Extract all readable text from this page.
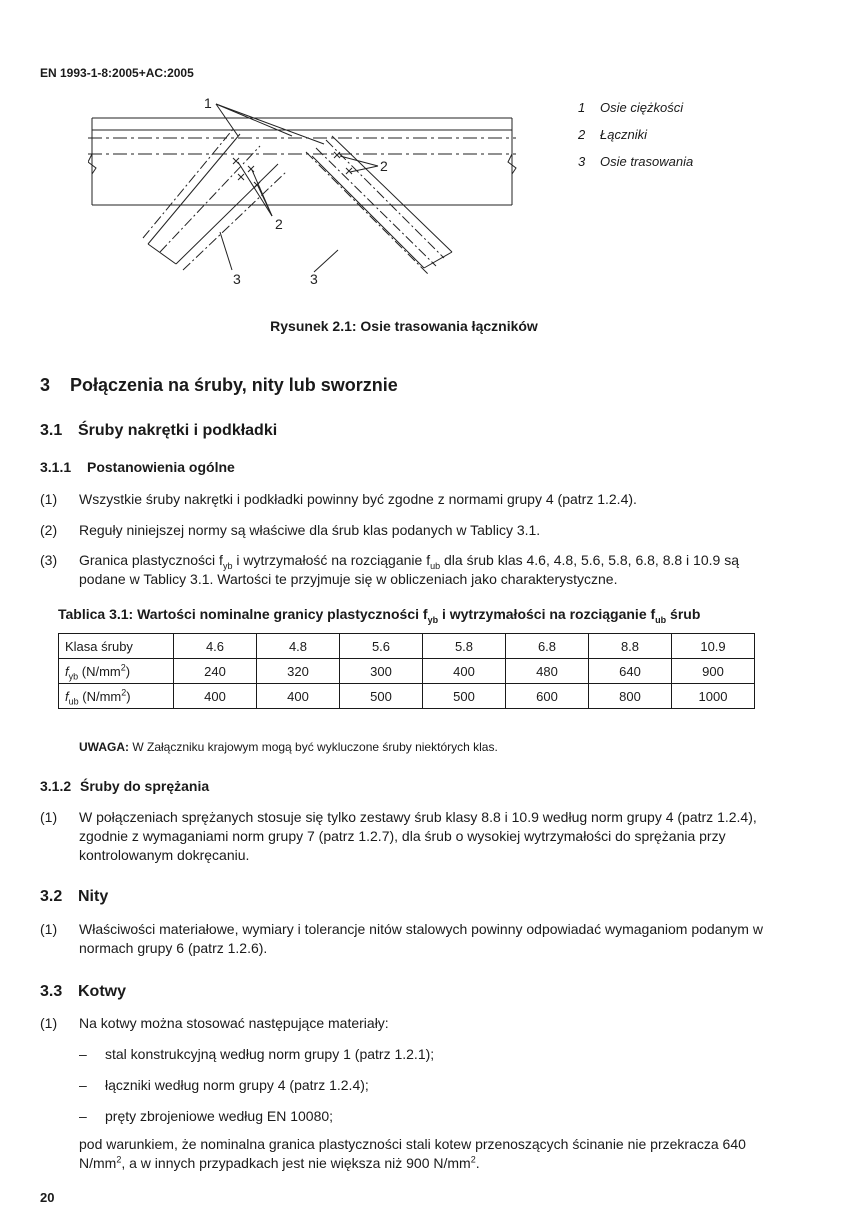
EN 1993-1-8:2005+AC:2005
1
2
2
3	3
1 Osie ciężkości
2 Łączniki
3 Osie trasowania
Rysunek 2.1: Osie trasowania łączników
3 Połączenia na śruby, nity lub sworznie
3.1 Śruby nakrętki i podkładki
3.1.1 Postanowienia ogólne
(1)	Wszystkie śruby nakrętki i podkładki powinny być zgodne z normami grupy 4 (patrz 1.2.4).
(2)	Reguły niniejszej normy są właściwe dla śrub klas podanych w Tablicy 3.1.
(3)	Granica plastyczności $f_{yb}$ i wytrzymałość na rozciąganie $f_{ub}$ dla śrub klas 4.6, 4.8, 5.6, 5.8, 6.8, 8.8 i 10.9 są podane w Tablicy 3.1. Wartości te przyjmuje się w obliczeniach jako charakterystyczne.
Tablica 3.1: Wartości nominalne granicy plastyczności $f_{yb}$ i wytrzymałości na rozciąganie $f_{ub}$ śrub
Klasa śruby	4.6	4.8	5.6	5.8	6.8	8.8	10.9
$f_{yb}$ $(N/mm^2)$	240	320	300	400	480	640	900
$f_{ub}$ $(N/mm^2)$	400	400	500	500	600	800	1000
UWAGA: W Załączniku krajowym mogą być wykluczone śruby niektórych klas.
3.1.2 Śruby do sprężania
(1)	W połączeniach sprężanych stosuje się tylko zestawy śrub klasy 8.8 i 10.9 według norm grupy 4 (patrz 1.2.4), zgodnie z wymaganiami norm grupy 7 (patrz 1.2.7), dla śrub o wysokiej wytrzymałości do sprężania przy kontrolowanym dokręcaniu.
3.2 Nity
(1)	Właściwości materiałowe, wymiary i tolerancje nitów stalowych powinny odpowiadać wymaganiom podanym w normach grupy 6 (patrz 1.2.6).
3.3 Kotwy
(1)	Na kotwy można stosować następujące materiały:
– stal konstrukcyjną według norm grupy 1 (patrz 1.2.1);
– łączniki według norm grupy 4 (patrz 1.2.4);
– pręty zbrojeniowe według EN 10080;
pod warunkiem, że nominalna granica plastyczności stali kotew przenoszących ścinanie nie przekracza 640 $N/mm^2$, a w innych przypadkach jest nie większa niż 900 $N/mm^2$.
20
